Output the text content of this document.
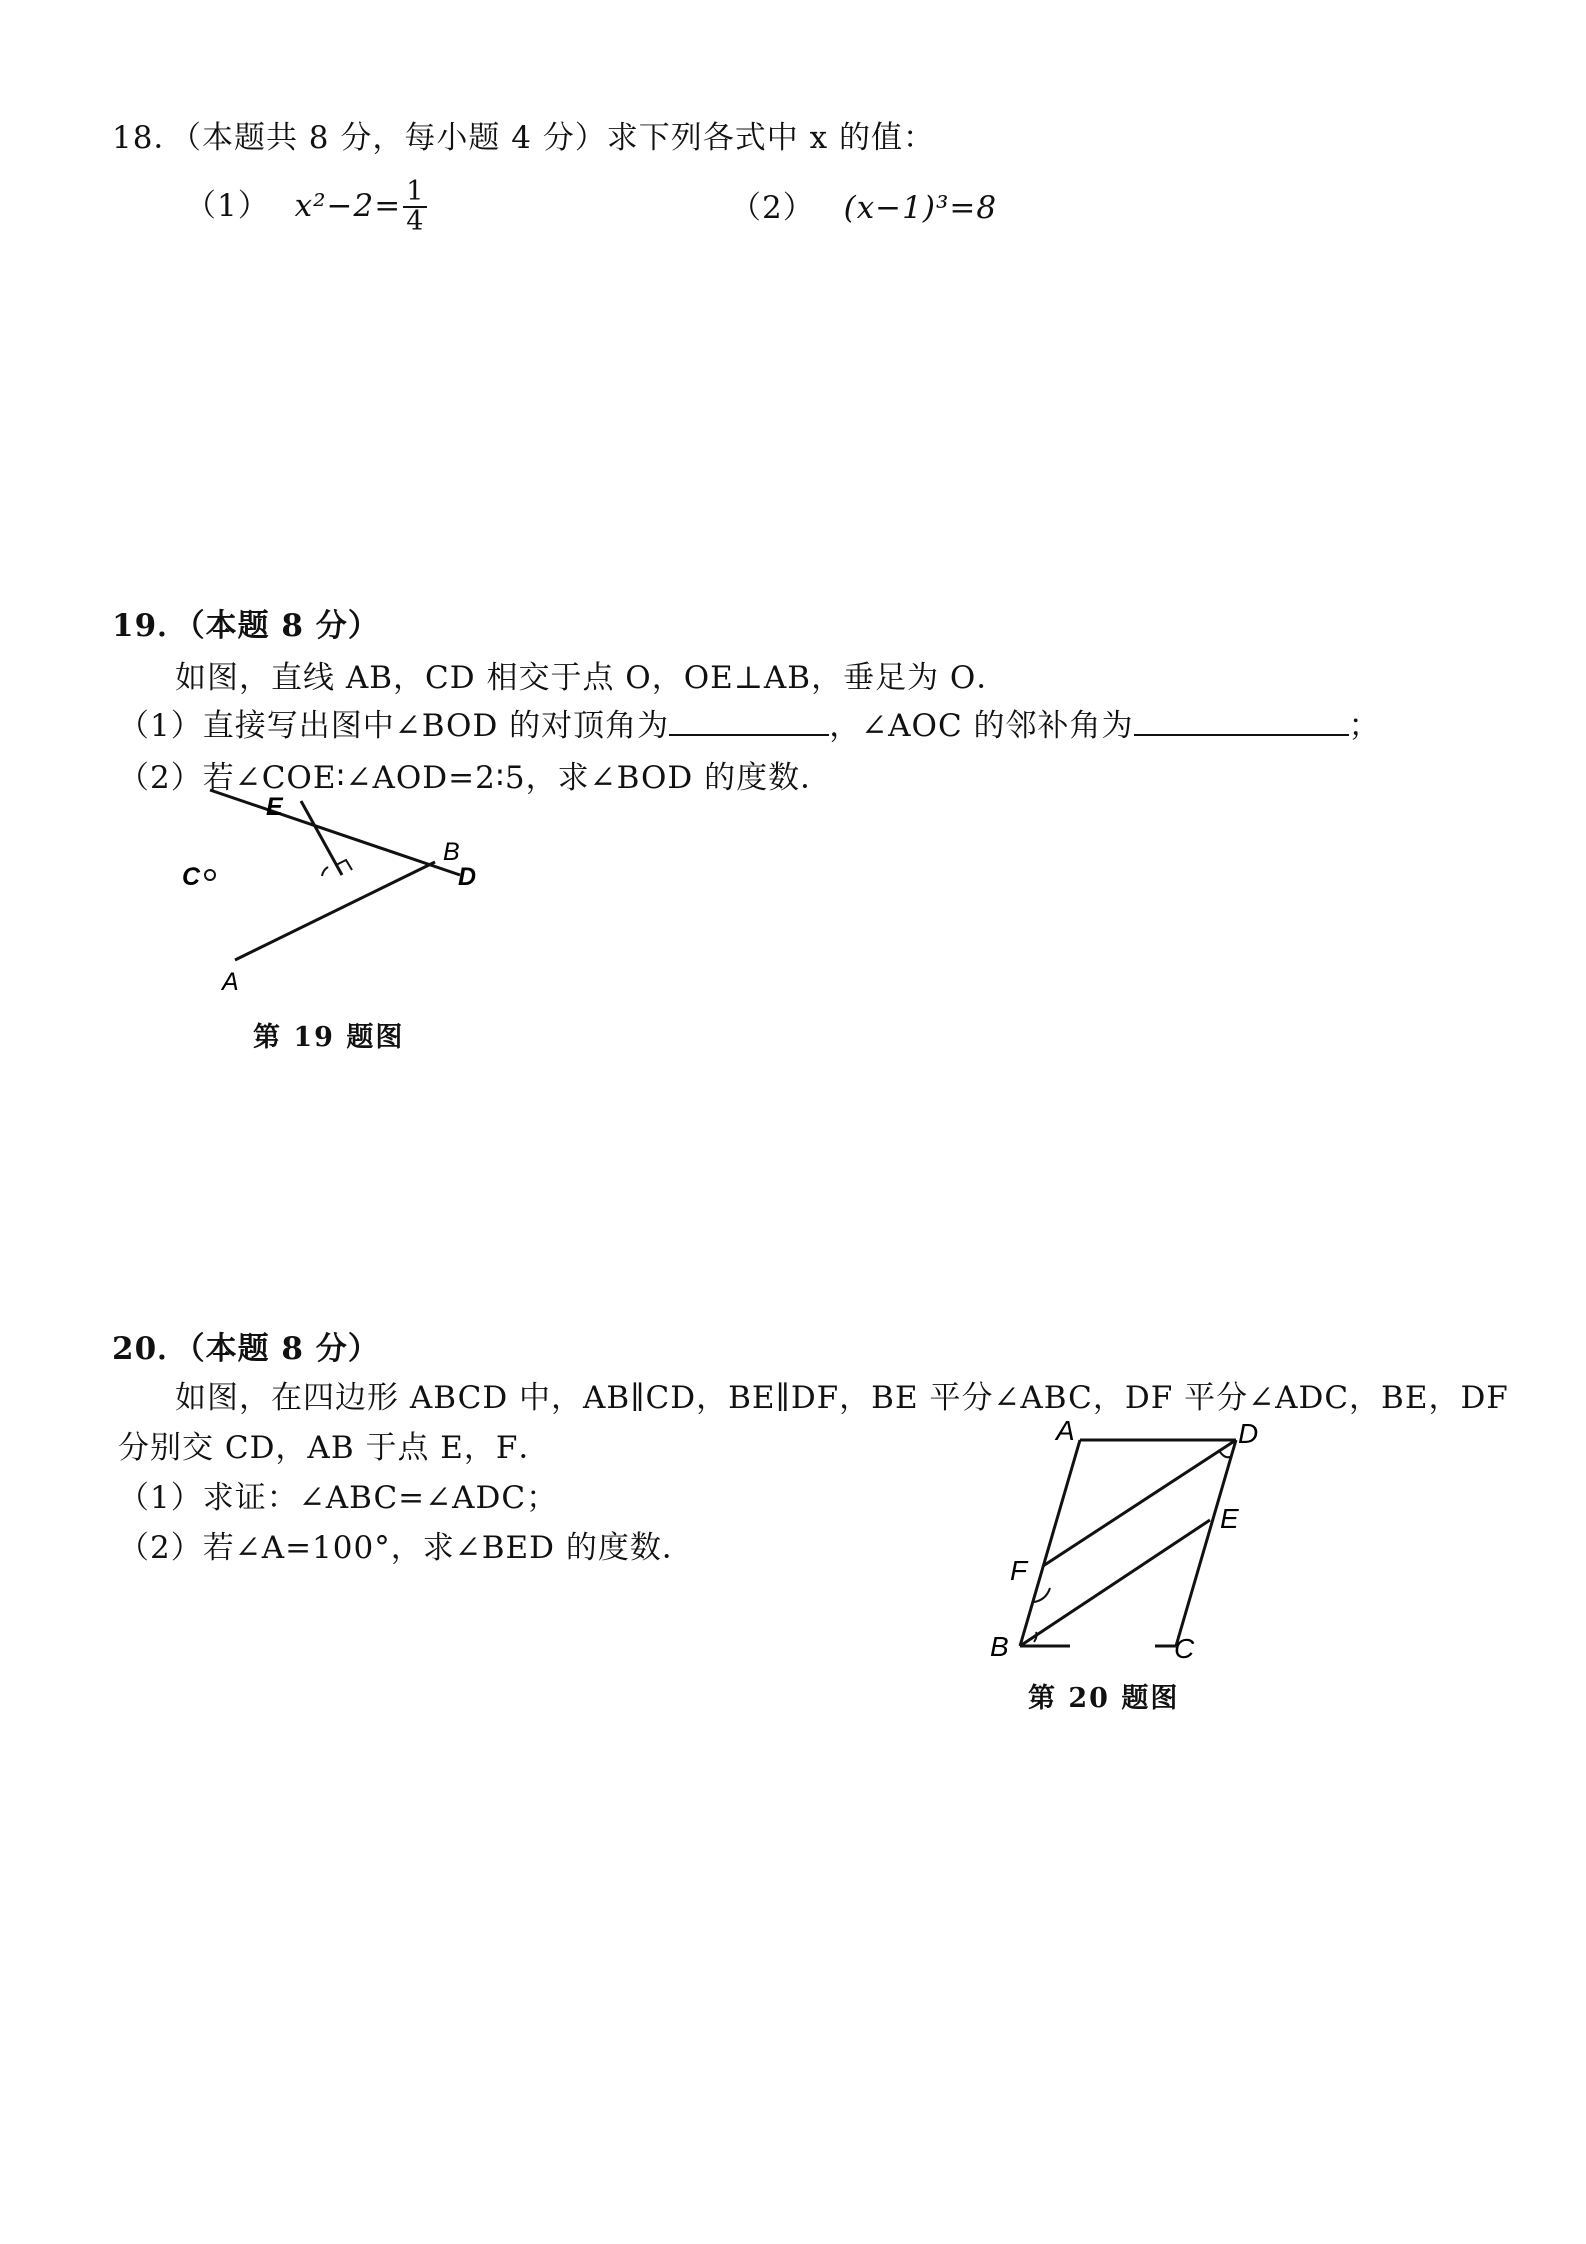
18．（本题共 8 分，每小题 4 分）求下列各式中 x 的值：
（1） $x^2-2= \frac{1}{4}$	（2） (x−1)³=8
19．（本题 8 分）
如图，直线 AB，CD 相交于点 O，OE⊥AB，垂足为 O．
（1）直接写出图中∠BOD 的对顶角为	，∠AOC 的邻补角为	；
（2）若∠COE∶∠AOD=2∶5，求∠BOD 的度数．
E
B
C	D
A
第 19 题图
20．（本题 8 分）
如图，在四边形 ABCD 中，AB∥CD，BE∥DF，BE 平分∠ABC，DF 平分∠ADC，BE，DF
分别交 CD，AB 于点 E，F．
（1）求证：∠ABC=∠ADC；
（2）若∠A=100°，求∠BED 的度数．
A	D
E
F
B	C
第 20 题图
